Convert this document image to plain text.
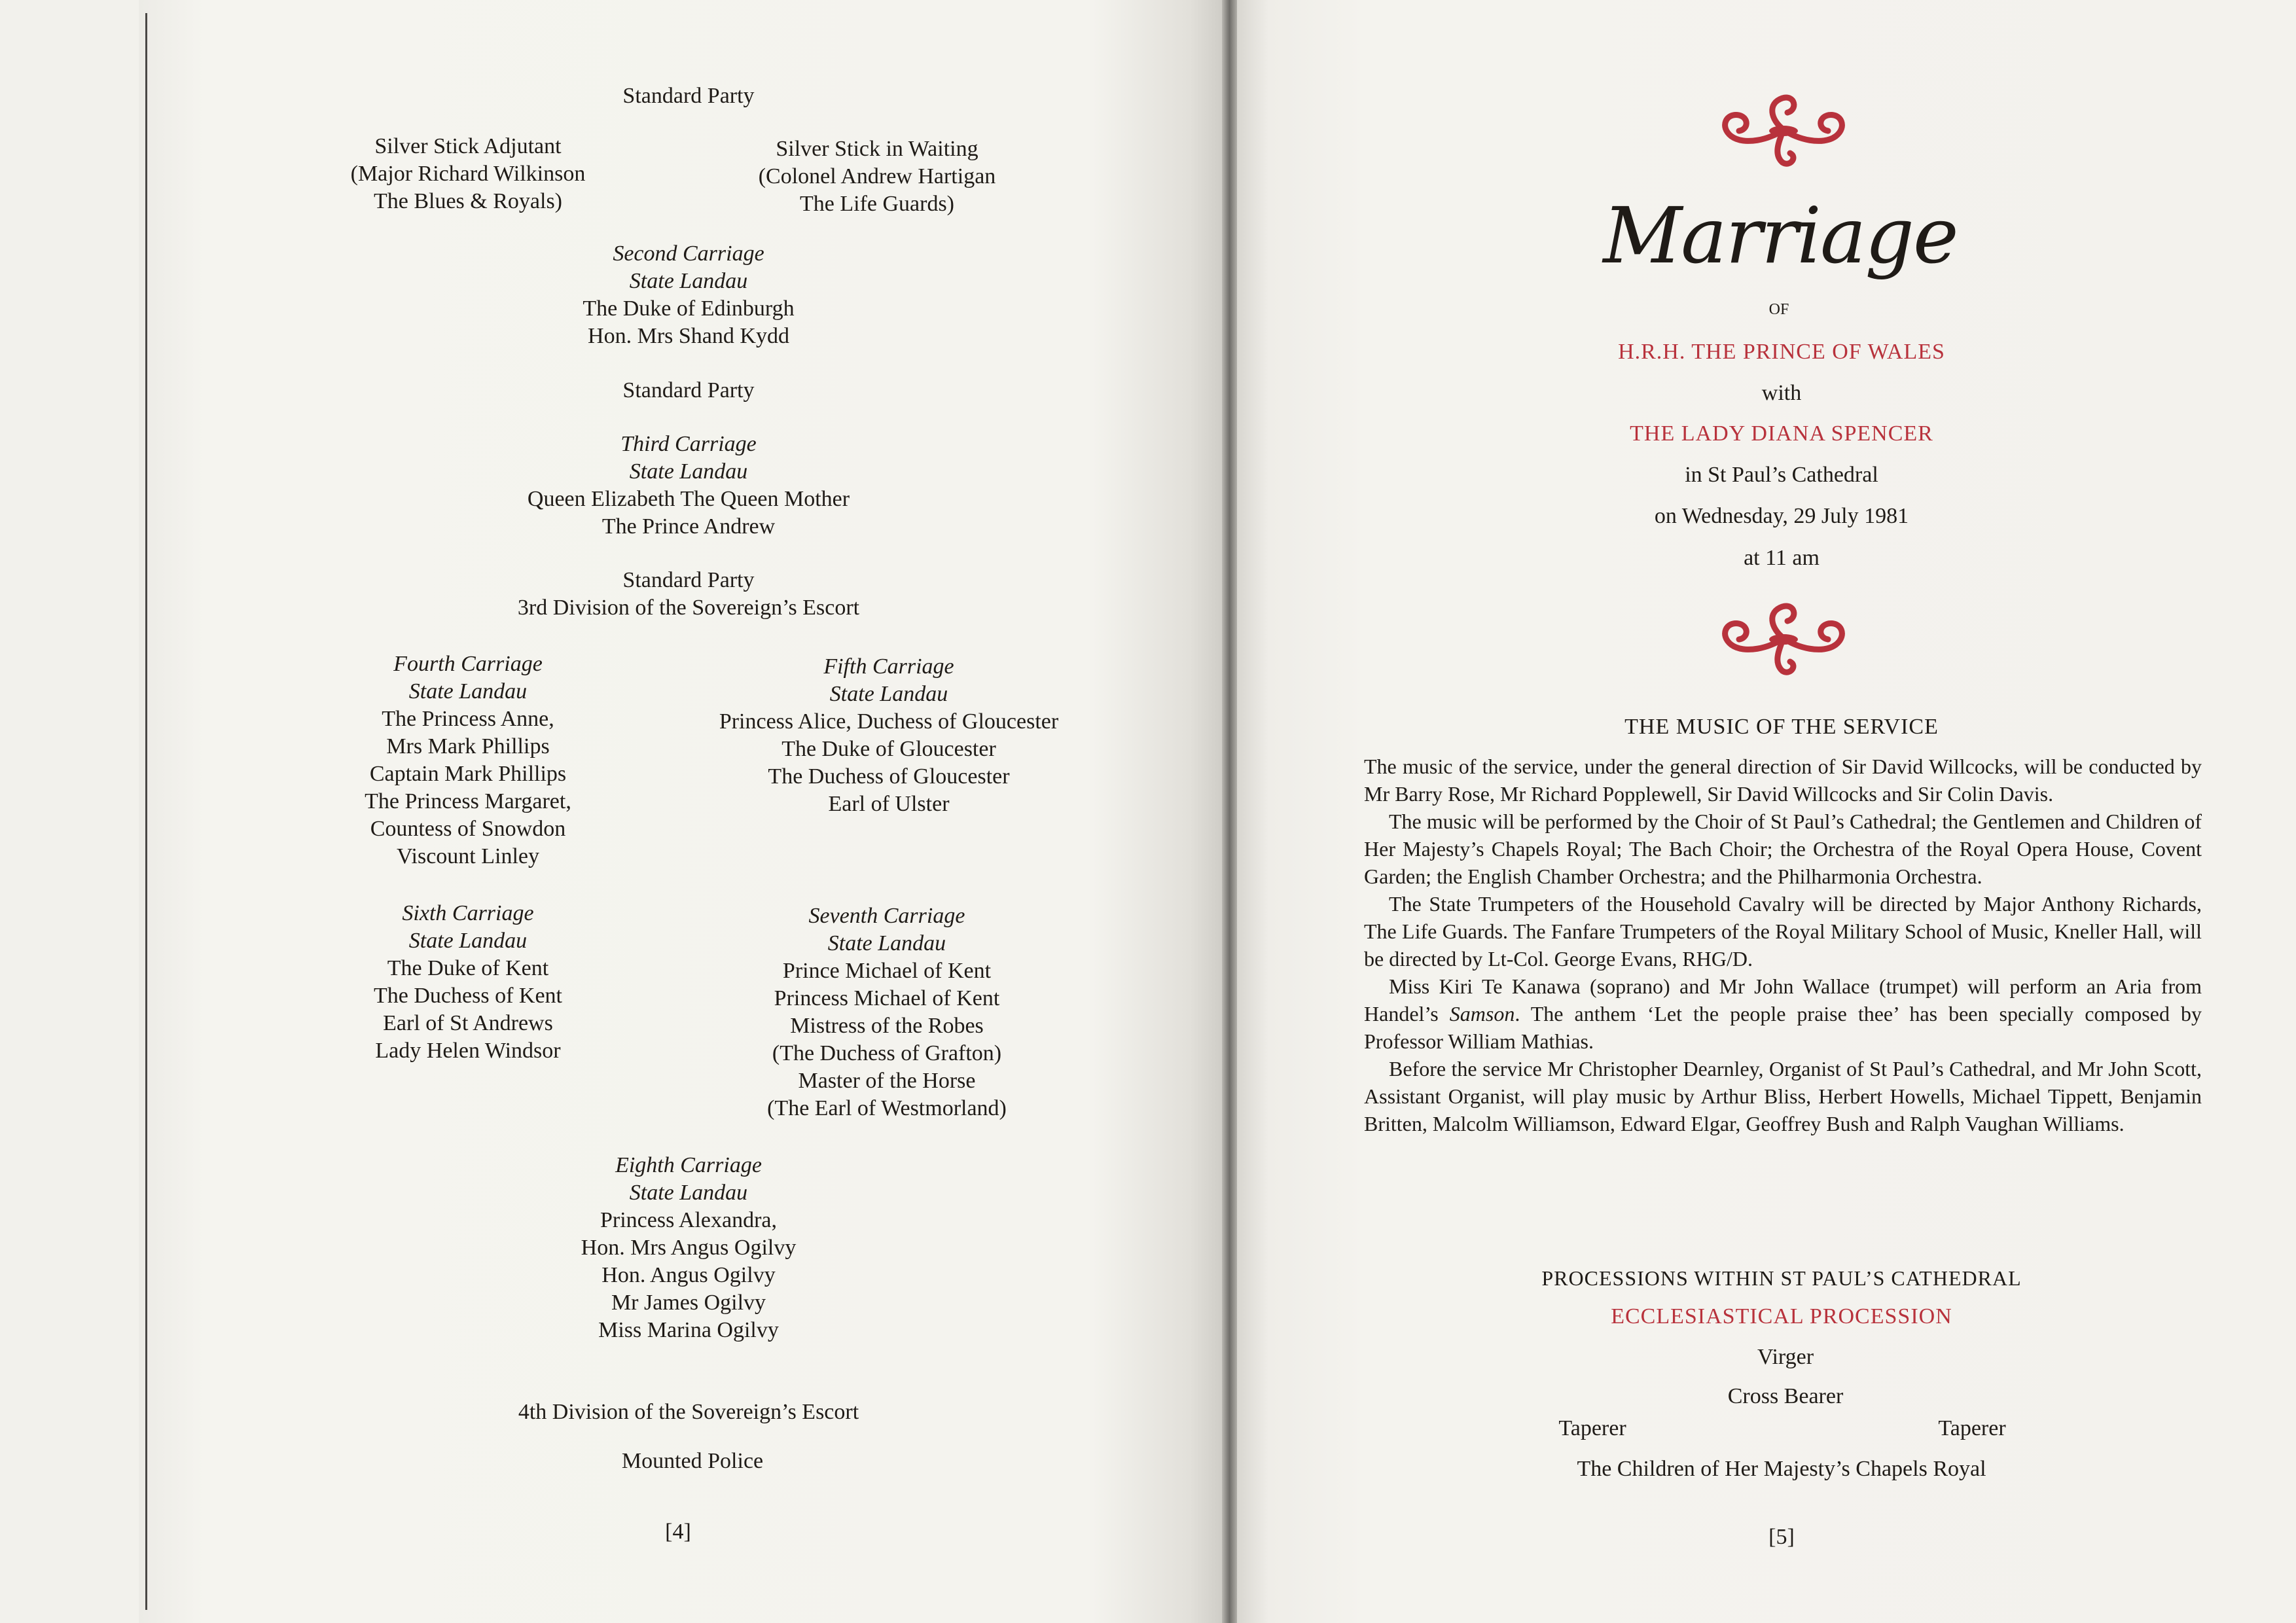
Standard Party
Silver Stick Adjutant
(Major Richard Wilkinson
The Blues & Royals)
Silver Stick in Waiting
(Colonel Andrew Hartigan
The Life Guards)
Second Carriage
State Landau
The Duke of Edinburgh
Hon. Mrs Shand Kydd
Standard Party
Third Carriage
State Landau
Queen Elizabeth The Queen Mother
The Prince Andrew
Standard Party
3rd Division of the Sovereign’s Escort
Fourth Carriage
State Landau
The Princess Anne,
Mrs Mark Phillips
Captain Mark Phillips
The Princess Margaret,
Countess of Snowdon
Viscount Linley
Fifth Carriage
State Landau
Princess Alice, Duchess of Gloucester
The Duke of Gloucester
The Duchess of Gloucester
Earl of Ulster
Sixth Carriage
State Landau
The Duke of Kent
The Duchess of Kent
Earl of St Andrews
Lady Helen Windsor
Seventh Carriage
State Landau
Prince Michael of Kent
Princess Michael of Kent
Mistress of the Robes
(The Duchess of Grafton)
Master of the Horse
(The Earl of Westmorland)
Eighth Carriage
State Landau
Princess Alexandra,
Hon. Mrs Angus Ogilvy
Hon. Angus Ogilvy
Mr James Ogilvy
Miss Marina Ogilvy
4th Division of the Sovereign’s Escort
Mounted Police
[4]
Marriage
OF
H.R.H. THE PRINCE OF WALES
with
THE LADY DIANA SPENCER
in St Paul’s Cathedral
on Wednesday, 29 July 1981
at 11 am
THE MUSIC OF THE SERVICE

The music of the service, under the general direction of Sir David Willcocks, will be conducted by Mr Barry Rose, Mr Richard Popplewell, Sir David Willcocks and Sir Colin Davis.

The music will be performed by the Choir of St Paul’s Cathedral; the Gentlemen and Children of Her Majesty’s Chapels Royal; The Bach Choir; the Orchestra of the Royal Opera House, Covent Garden; the English Chamber Orchestra; and the Philharmonia Orchestra.

The State Trumpeters of the Household Cavalry will be directed by Major Anthony Richards, The Life Guards. The Fanfare Trumpeters of the Royal Military School of Music, Kneller Hall, will be directed by Lt-Col. George Evans, RHG/D.

Miss Kiri Te Kanawa (soprano) and Mr John Wallace (trumpet) will perform an Aria from Handel’s Samson. The anthem ‘Let the people praise thee’ has been specially composed by Professor William Mathias.

Before the service Mr Christopher Dearnley, Organist of St Paul’s Cathedral, and Mr John Scott, Assistant Organist, will play music by Arthur Bliss, Herbert Howells, Michael Tippett, Benjamin Britten, Malcolm Williamson, Edward Elgar, Geoffrey Bush and Ralph Vaughan Williams.

PROCESSIONS WITHIN ST PAUL’S CATHEDRAL
ECCLESIASTICAL PROCESSION
Virger
Cross Bearer
Taperer	Taperer
The Children of Her Majesty’s Chapels Royal
[5]
